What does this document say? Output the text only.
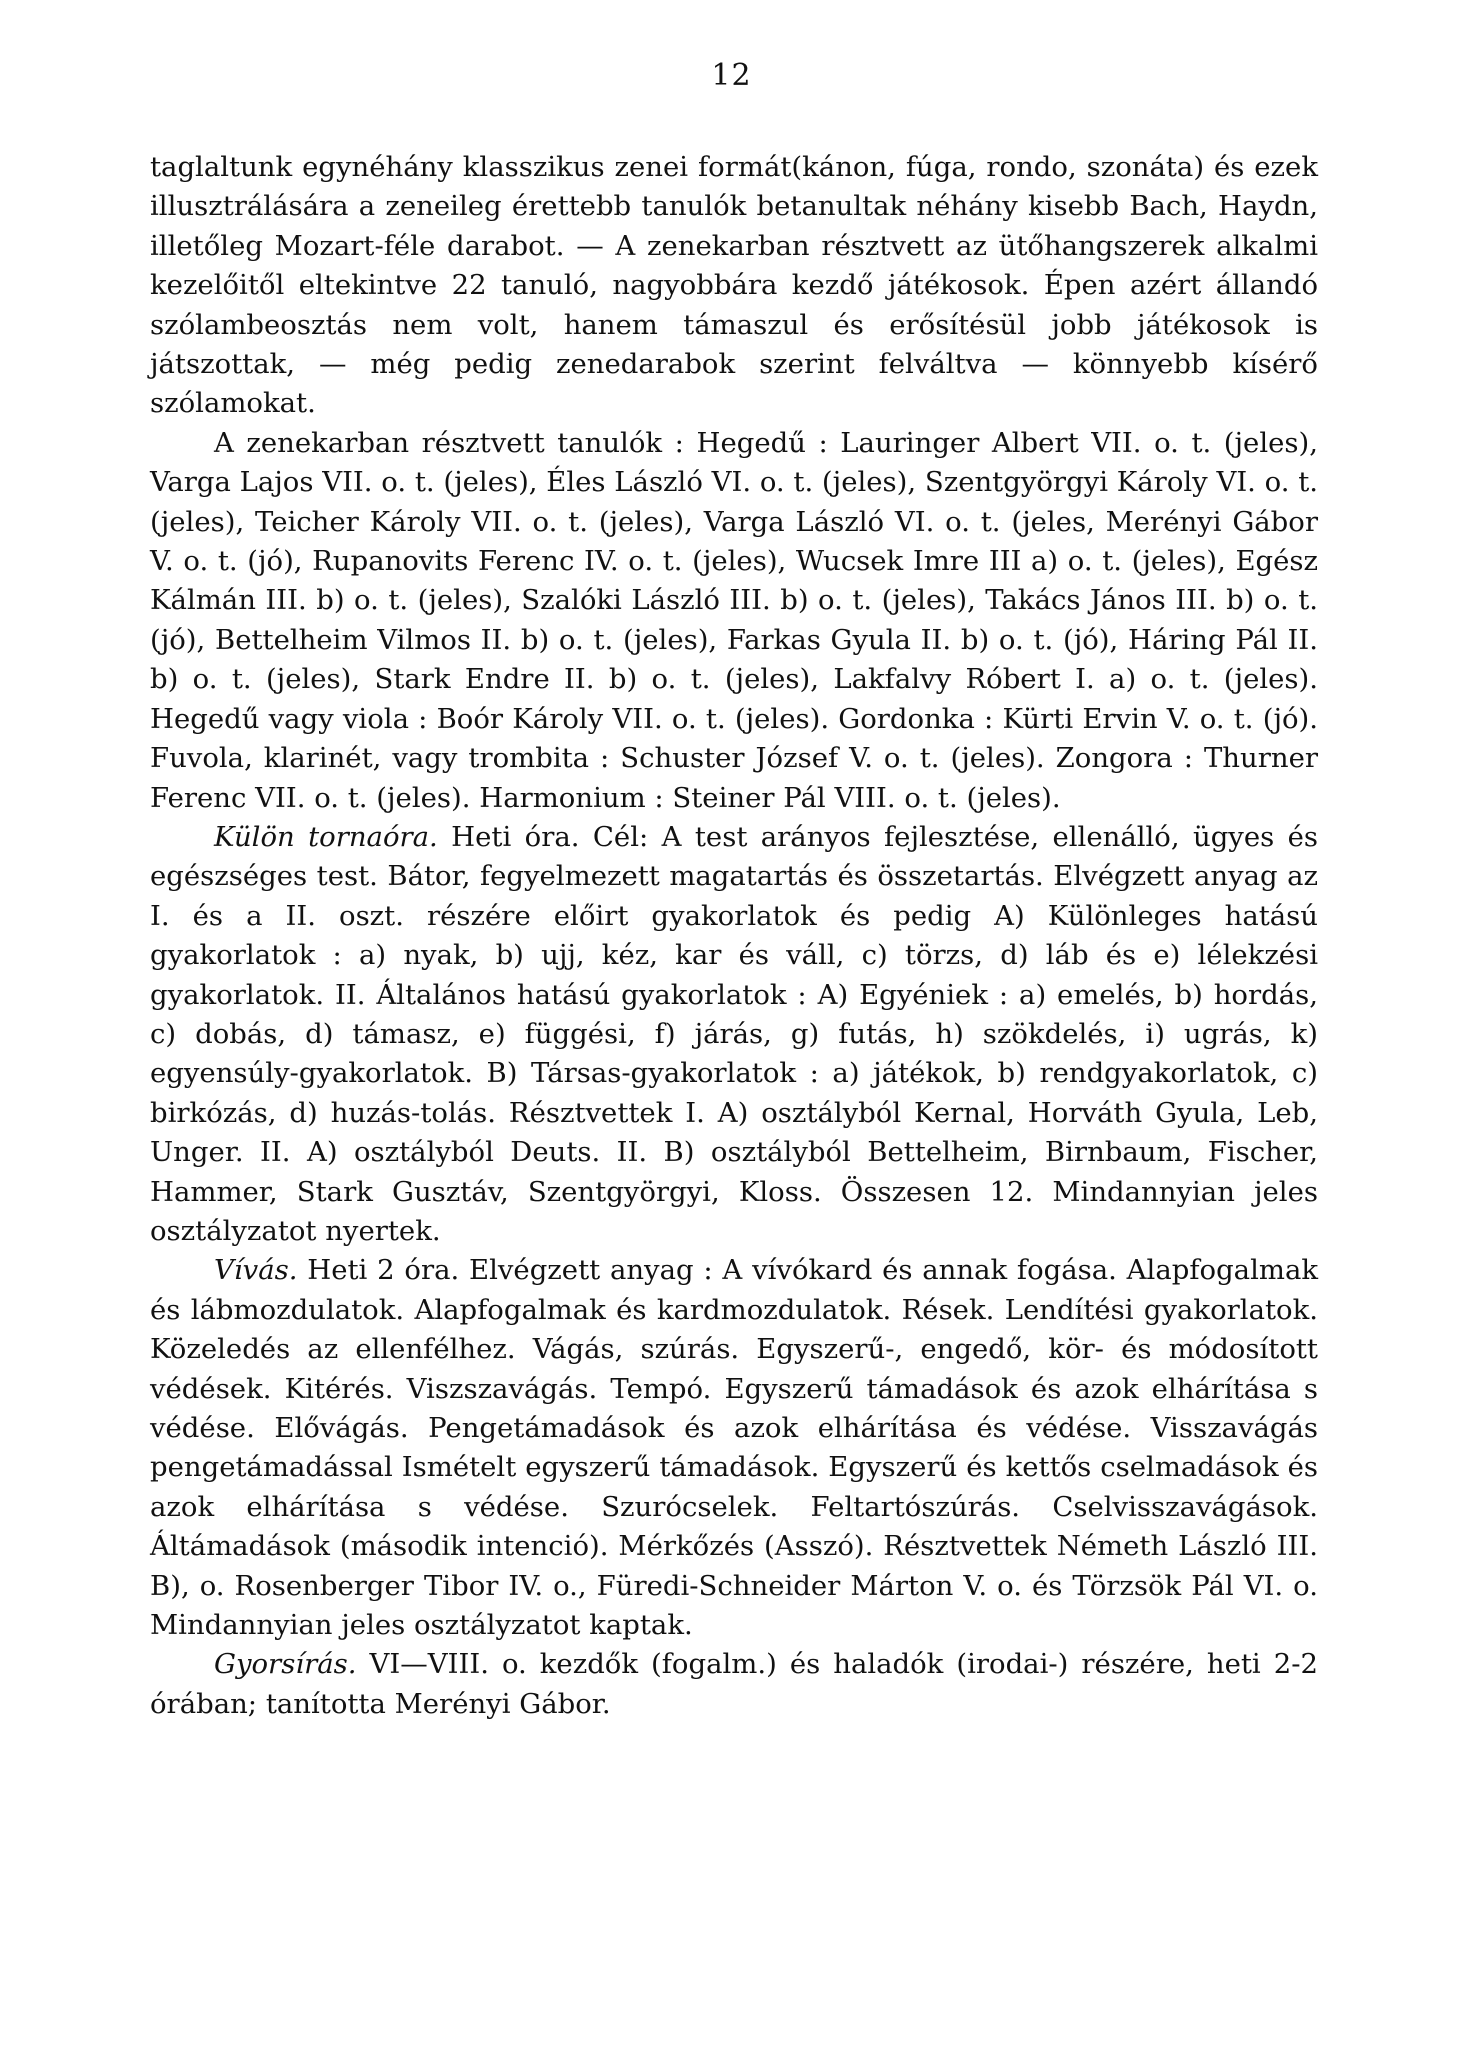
12

taglaltunk egynéhány klasszikus zenei formát(kánon, fúga, rondo, szonáta) és ezek illusztrálására a zeneileg érettebb tanulók betanultak néhány kisebb Bach, Haydn, illetőleg Mozart-féle darabot. — A zenekarban résztvett az ütőhangszerek alkalmi kezelőitől eltekintve 22 tanuló, nagyobbára kezdő játékosok. Épen azért állandó szólambeosztás nem volt, hanem támaszul és erősítésül jobb játékosok is játszottak, — még pedig zenedarabok szerint felváltva — könnyebb kísérő szólamokat.

A zenekarban résztvett tanulók : Hegedű : Lauringer Albert VII. o. t. (jeles), Varga Lajos VII. o. t. (jeles), Éles László VI. o. t. (jeles), Szentgyörgyi Károly VI. o. t. (jeles), Teicher Károly VII. o. t. (jeles), Varga László VI. o. t. (jeles, Merényi Gábor V. o. t. (jó), Rupanovits Ferenc IV. o. t. (jeles), Wucsek Imre III a) o. t. (jeles), Egész Kálmán III. b) o. t. (jeles), Szalóki László III. b) o. t. (jeles), Takács János III. b) o. t. (jó), Bettelheim Vilmos II. b) o. t. (jeles), Farkas Gyula II. b) o. t. (jó), Háring Pál II. b) o. t. (jeles), Stark Endre II. b) o. t. (jeles), Lakfalvy Róbert I. a) o. t. (jeles). Hegedű vagy viola : Boór Károly VII. o. t. (jeles). Gordonka : Kürti Ervin V. o. t. (jó). Fuvola, klarinét, vagy trombita : Schuster József V. o. t. (jeles). Zongora : Thurner Ferenc VII. o. t. (jeles). Harmonium : Steiner Pál VIII. o. t. (jeles).

Külön tornaóra. Heti óra. Cél: A test arányos fejlesztése, ellenálló, ügyes és egészséges test. Bátor, fegyelmezett magatartás és összetartás. Elvégzett anyag az I. és a II. oszt. részére előirt gyakorlatok és pedig A) Különleges hatású gyakorlatok : a) nyak, b) ujj, kéz, kar és váll, c) törzs, d) láb és e) lélekzési gyakorlatok. II. Általános hatású gyakorlatok : A) Egyéniek : a) emelés, b) hordás, c) dobás, d) támasz, e) függési, f) járás, g) futás, h) szökdelés, i) ugrás, k) egyensúly-gyakorlatok. B) Társas-gyakorlatok : a) játékok, b) rendgyakorlatok, c) birkózás, d) huzás-tolás. Résztvettek I. A) osztályból Kernal, Horváth Gyula, Leb, Unger. II. A) osztályból Deuts. II. B) osztályból Bettelheim, Birnbaum, Fischer, Hammer, Stark Gusztáv, Szentgyörgyi, Kloss. Összesen 12. Mindannyian jeles osztályzatot nyertek.

Vívás. Heti 2 óra. Elvégzett anyag : A vívókard és annak fogása. Alapfogalmak és lábmozdulatok. Alapfogalmak és kardmozdulatok. Rések. Lendítési gyakorlatok. Közeledés az ellenfélhez. Vágás, szúrás. Egyszerű-, engedő, kör- és módosított védések. Kitérés. Viszszavágás. Tempó. Egyszerű támadások és azok elhárítása s védése. Elővágás. Pengetámadások és azok elhárítása és védése. Visszavágás pengetámadással Ismételt egyszerű támadások. Egyszerű és kettős cselmadások és azok elhárítása s védése. Szurócselek. Feltartószúrás. Cselvisszavágások. Áltámadások (második intenció). Mérkőzés (Asszó). Résztvettek Németh László III. B), o. Rosenberger Tibor IV. o., Füredi-Schneider Márton V. o. és Törzsök Pál VI. o. Mindannyian jeles osztályzatot kaptak.

Gyorsírás. VI—VIII. o. kezdők (fogalm.) és haladók (irodai-) részére, heti 2-2 órában; tanította Merényi Gábor.
